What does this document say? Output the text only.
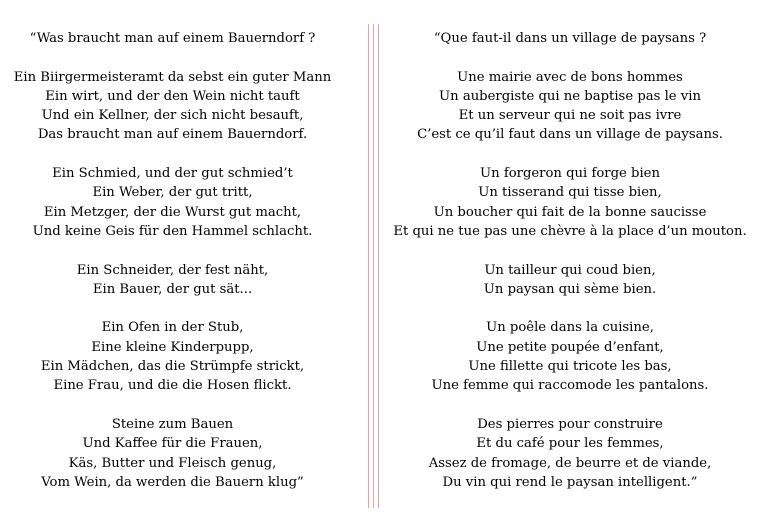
“Was braucht man auf einem Bauerndorf ?
Ein Biirgermeisteramt da sebst ein guter Mann
Ein wirt, und der den Wein nicht tauft
Und ein Kellner, der sich nicht besauft,
Das braucht man auf einem Bauerndorf.
Ein Schmied, und der gut schmied’t
Ein Weber, der gut tritt,
Ein Metzger, der die Wurst gut macht,
Und keine Geis für den Hammel schlacht.
Ein Schneider, der fest näht,
Ein Bauer, der gut sät...
Ein Ofen in der Stub,
Eine kleine Kinderpupp,
Ein Mädchen, das die Strümpfe strickt,
Eine Frau, und die die Hosen flickt.
Steine zum Bauen
Und Kaffee für die Frauen,
Käs, Butter und Fleisch genug,
Vom Wein, da werden die Bauern klug”
“Que faut-il dans un village de paysans ?
Une mairie avec de bons hommes
Un aubergiste qui ne baptise pas le vin
Et un serveur qui ne soit pas ivre
C’est ce qu’il faut dans un village de paysans.
Un forgeron qui forge bien
Un tisserand qui tisse bien,
Un boucher qui fait de la bonne saucisse
Et qui ne tue pas une chèvre à la place d’un mouton.
Un tailleur qui coud bien,
Un paysan qui sème bien.
Un poêle dans la cuisine,
Une petite poupée d’enfant,
Une fillette qui tricote les bas,
Une femme qui raccomode les pantalons.
Des pierres pour construire
Et du café pour les femmes,
Assez de fromage, de beurre et de viande,
Du vin qui rend le paysan intelligent.”
